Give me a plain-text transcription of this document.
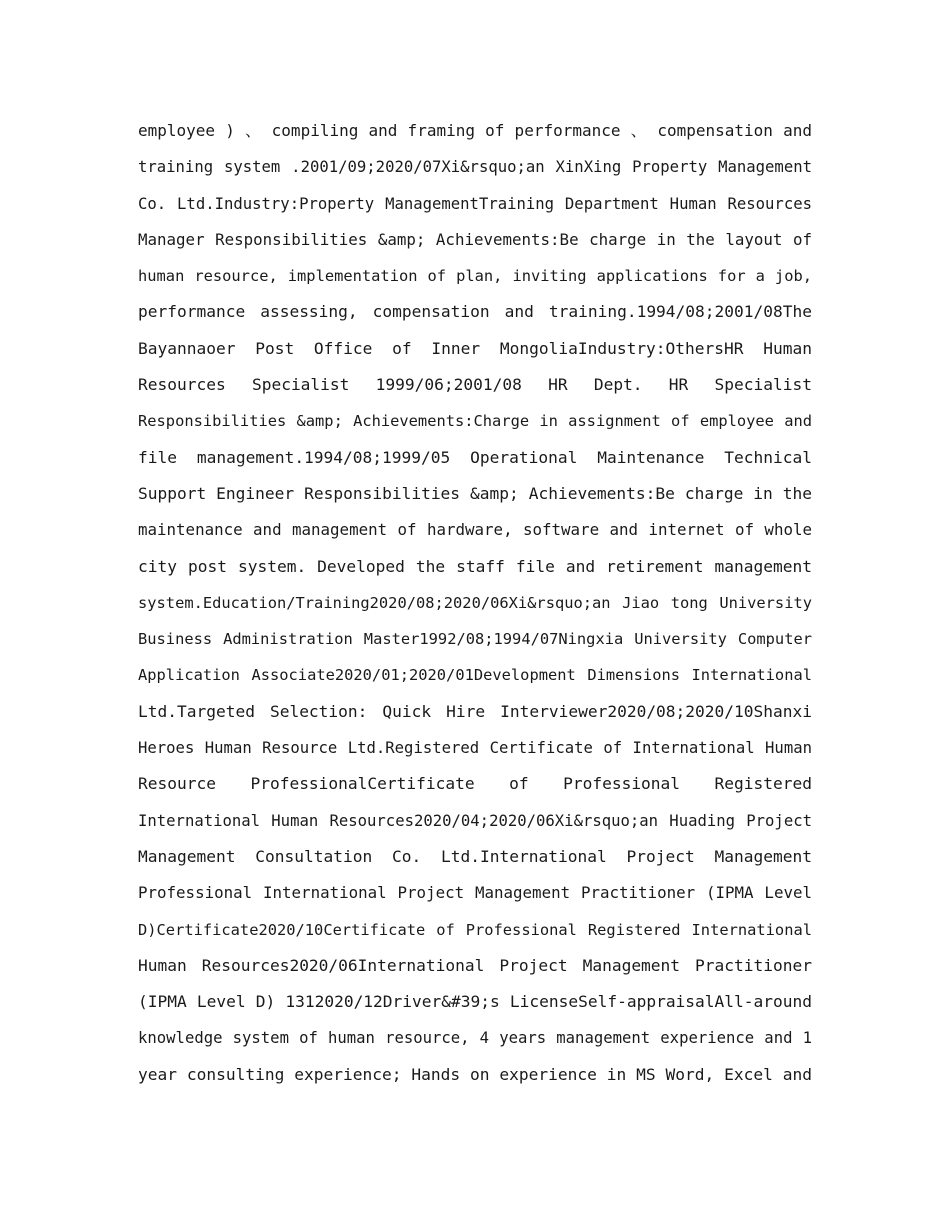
employee ) 、 compiling and framing of performance 、 compensation and
training system .2001/09;2020/07Xi&rsquo;an XinXing Property Management
Co. Ltd.Industry:Property ManagementTraining Department Human Resources
Manager Responsibilities &amp; Achievements:Be charge in the layout of
human resource, implementation of plan, inviting applications for a job,
performance assessing, compensation and training.1994/08;2001/08The
Bayannaoer Post Office of Inner MongoliaIndustry:OthersHR Human
Resources Specialist 1999/06;2001/08 HR Dept. HR Specialist
Responsibilities &amp; Achievements:Charge in assignment of employee and
file management.1994/08;1999/05 Operational Maintenance Technical
Support Engineer Responsibilities &amp; Achievements:Be charge in the
maintenance and management of hardware, software and internet of whole
city post system. Developed the staff file and retirement management
system.Education/Training2020/08;2020/06Xi&rsquo;an Jiao tong University
Business Administration Master1992/08;1994/07Ningxia University Computer
Application Associate2020/01;2020/01Development Dimensions International
Ltd.Targeted Selection: Quick Hire Interviewer2020/08;2020/10Shanxi
Heroes Human Resource Ltd.Registered Certificate of International Human
Resource ProfessionalCertificate of Professional Registered
International Human Resources2020/04;2020/06Xi&rsquo;an Huading Project
Management Consultation Co. Ltd.International Project Management
Professional International Project Management Practitioner (IPMA Level
D)Certificate2020/10Certificate of Professional Registered International
Human Resources2020/06International Project Management Practitioner
(IPMA Level D) 1312020/12Driver&#39;s LicenseSelf-appraisalAll-around
knowledge system of human resource, 4 years management experience and 1
year consulting experience; Hands on experience in MS Word, Excel and
